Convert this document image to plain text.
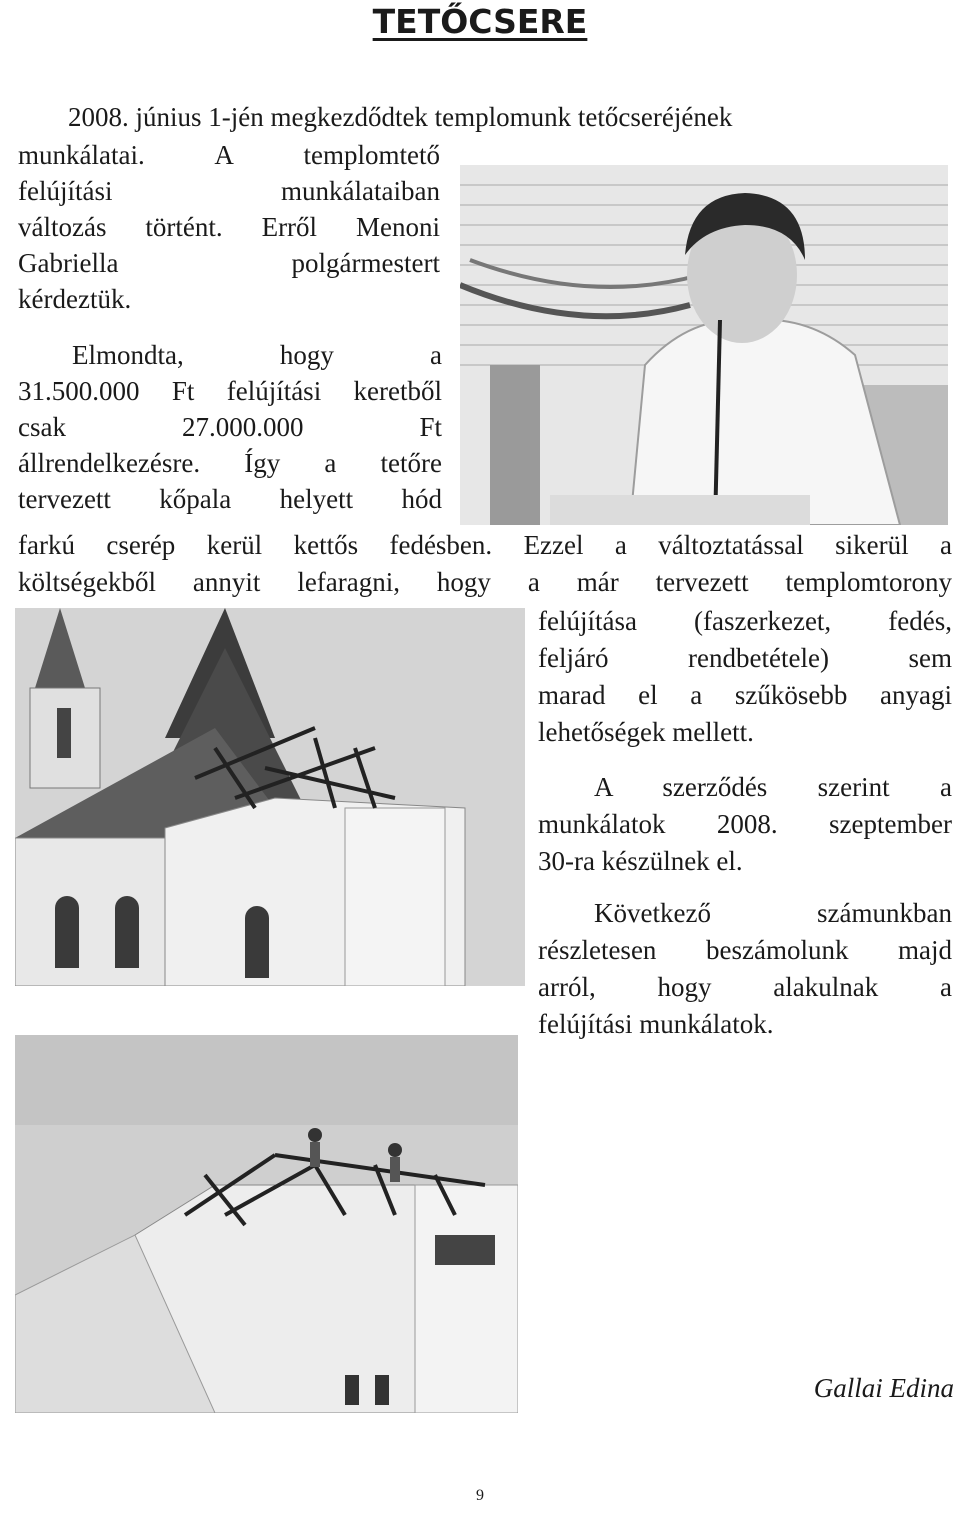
TETŐCSERE
2008. június 1-jén megkezdődtek templomunk tetőcseréjének
munkálatai. A templomtető
felújítási munkálataiban
változás történt. Erről Menoni
Gabriella polgármestert
kérdeztük.
Elmondta, hogy a
31.500.000 Ft felújítási keretből
csak 27.000.000 Ft
állrendelkezésre. Így a tetőre
tervezett kőpala helyett hód
farkú cserép kerül kettős fedésben. Ezzel a változtatással sikerül a
költségekből annyit lefaragni, hogy a már tervezett templomtorony
felújítása (faszerkezet, fedés,
feljáró rendbetétele) sem
marad el a szűkösebb anyagi
lehetőségek mellett.
A szerződés szerint a
munkálatok 2008. szeptember
30-ra készülnek el.
Következő számunkban
részletesen beszámolunk majd
arról, hogy alakulnak a
felújítási munkálatok.
Gallai Edina
9
